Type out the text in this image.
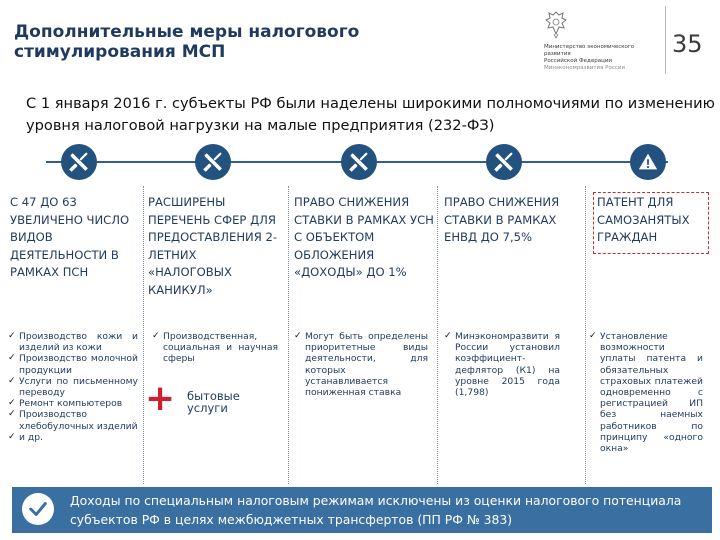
Дополнительные меры налогового стимулирования МСП	Министерство экономического развития
Российской Федерации
Минэкономразвития России
35
С 1 января 2016 г. субъекты РФ были наделены широкими полномочиями по изменению уровня налоговой нагрузки на малые предприятия (232-ФЗ)
С 47 ДО 63 УВЕЛИЧЕНО ЧИСЛО ВИДОВ ДЕЯТЕЛЬНОСТИ В РАМКАХ ПСН
РАСШИРЕНЫ ПЕРЕЧЕНЬ СФЕР ДЛЯ ПРЕДОСТАВЛЕНИЯ 2-ЛЕТНИХ «НАЛОГОВЫХ КАНИКУЛ»
ПРАВО СНИЖЕНИЯ СТАВКИ В РАМКАХ УСН С ОБЪЕКТОМ ОБЛОЖЕНИЯ «ДОХОДЫ» ДО 1%
ПРАВО СНИЖЕНИЯ СТАВКИ В РАМКАХ ЕНВД ДО 7,5%
ПАТЕНТ ДЛЯ САМОЗАНЯТЫХ ГРАЖДАН
✓ Производство кожи и изделий из кожи
✓ Производство молочной продукции
✓ Услуги по письменному переводу
✓ Ремонт компьютеров
✓ Производство хлебобулочных изделий
✓ и др.
✓ Производственная, социальная и научная сферы
+ бытовые услуги
✓ Могут быть определены приоритетные виды деятельности, для которых устанавливается пониженная ставка
✓ Минэкономразвити я России установил коэффициент-дефлятор (К1) на уровне 2015 года (1,798)
✓ Установление возможности уплаты патента и обязательных страховых платежей одновременно с регистрацией ИП без наемных работников по принципу «одного окна»
Доходы по специальным налоговым режимам исключены из оценки налогового потенциала субъектов РФ в целях межбюджетных трансфертов (ПП РФ № 383)
